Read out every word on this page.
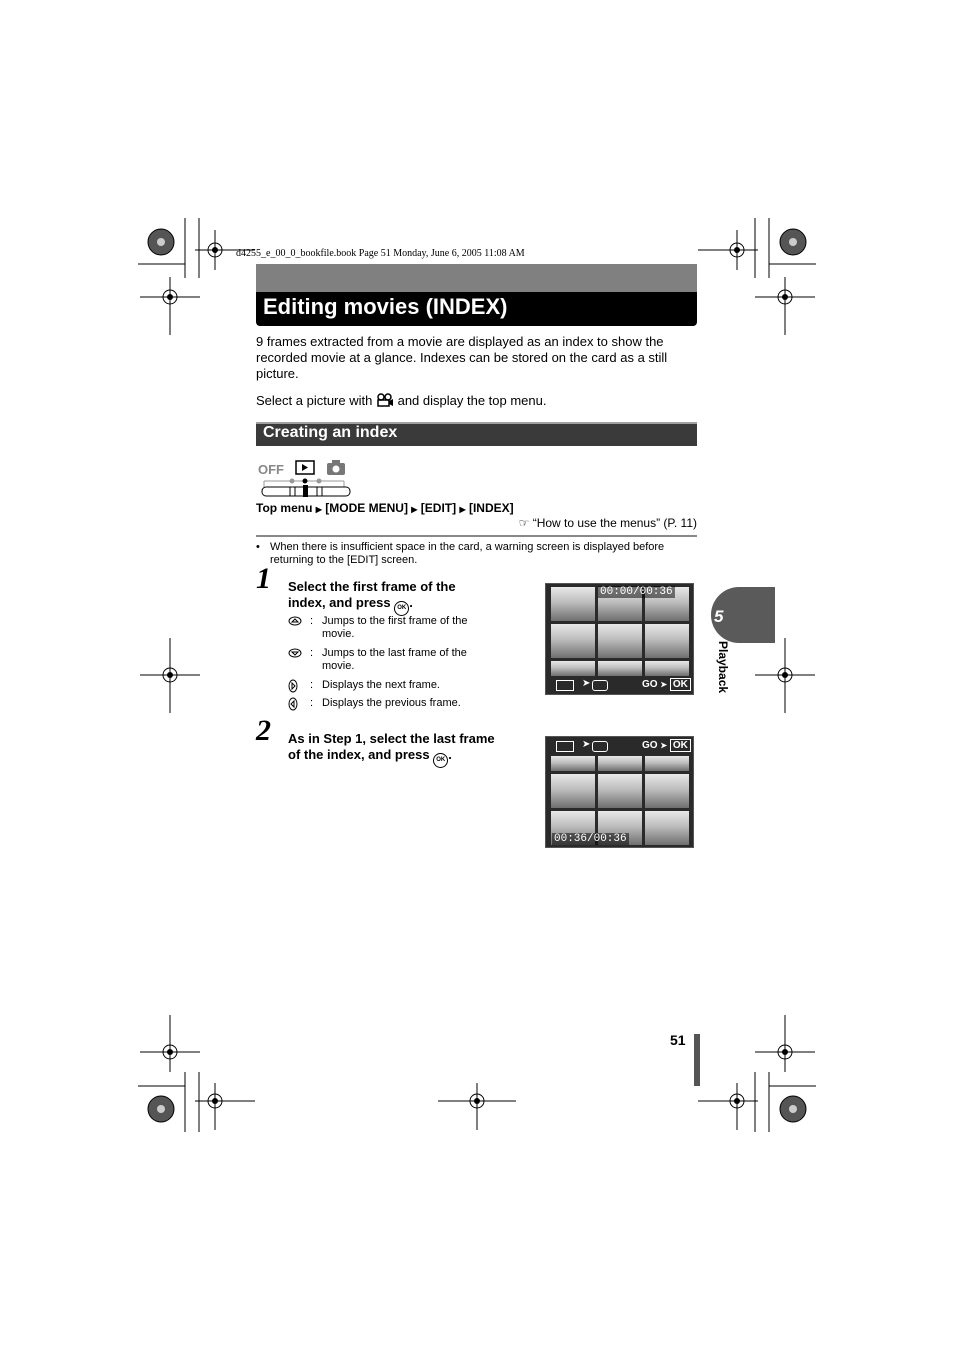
d4255_e_00_0_bookfile.book Page 51 Monday, June 6, 2005 11:08 AM
Editing movies (INDEX)
9 frames extracted from a movie are displayed as an index to show the recorded movie at a glance. Indexes can be stored on the card as a still picture.
Select a picture with and display the top menu.
Creating an index
OFF
Top menu ▶ [MODE MENU] ▶ [EDIT] ▶ [INDEX]
☞ “How to use the menus” (P. 11)
• When there is insufficient space in the card, a warning screen is displayed before returning to the [EDIT] screen.
1 Select the first frame of the
index, and press OK .
: Jumps to the first frame of the
movie.
: Jumps to the last frame of the
movie.
: Displays the next frame.
: Displays the previous frame.
00:00/00:36
➤	GO ➤ OK
2 As in Step 1, select the last frame
of the index, and press OK .
➤	GO ➤ OK
00:36/00:36
5
Playback
51
